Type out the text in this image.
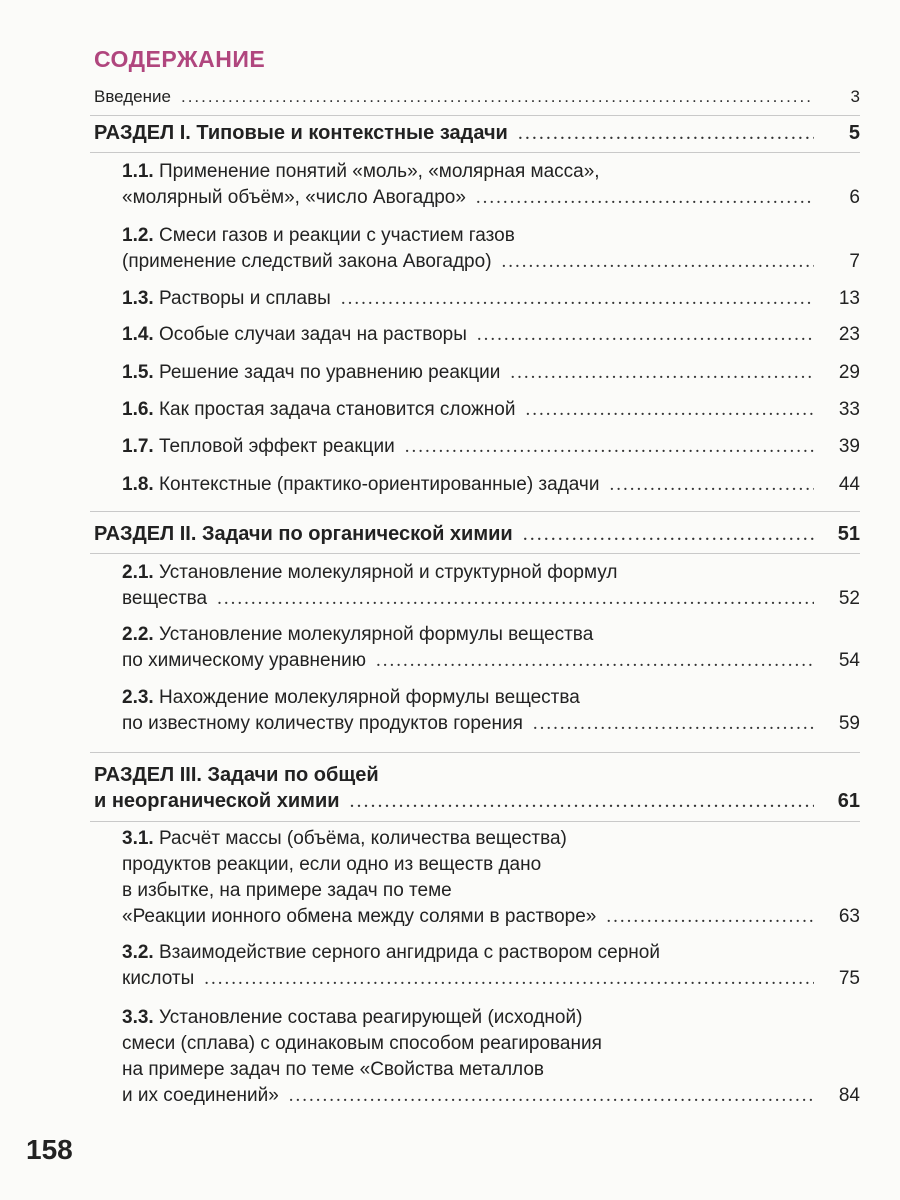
СОДЕРЖАНИЕ
Введение .....	3
РАЗДЕЛ I. Типовые и контекстные задачи .....	5
1.1. Применение понятий «моль», «молярная масса»,
«молярный объём», «число Авогадро» .....	6
1.2. Смеси газов и реакции с участием газов
(применение следствий закона Авогадро) .....	7
1.3. Растворы и сплавы .....	13
1.4. Особые случаи задач на растворы .....	23
1.5. Решение задач по уравнению реакции .....	29
1.6. Как простая задача становится сложной .....	33
1.7. Тепловой эффект реакции .....	39
1.8. Контекстные (практико-ориентированные) задачи .....	44
РАЗДЕЛ II. Задачи по органической химии .....	51
2.1. Установление молекулярной и структурной формул
вещества .....	52
2.2. Установление молекулярной формулы вещества
по химическому уравнению .....	54
2.3. Нахождение молекулярной формулы вещества
по известному количеству продуктов горения .....	59
РАЗДЕЛ III. Задачи по общей
и неорганической химии .....	61
3.1. Расчёт массы (объёма, количества вещества)
продуктов реакции, если одно из веществ дано
в избытке, на примере задач по теме
«Реакции ионного обмена между солями в растворе» .....	63
3.2. Взаимодействие серного ангидрида с раствором серной
кислоты .....	75
3.3. Установление состава реагирующей (исходной)
смеси (сплава) с одинаковым способом реагирования
на примере задач по теме «Свойства металлов
и их соединений» .....	84
158
